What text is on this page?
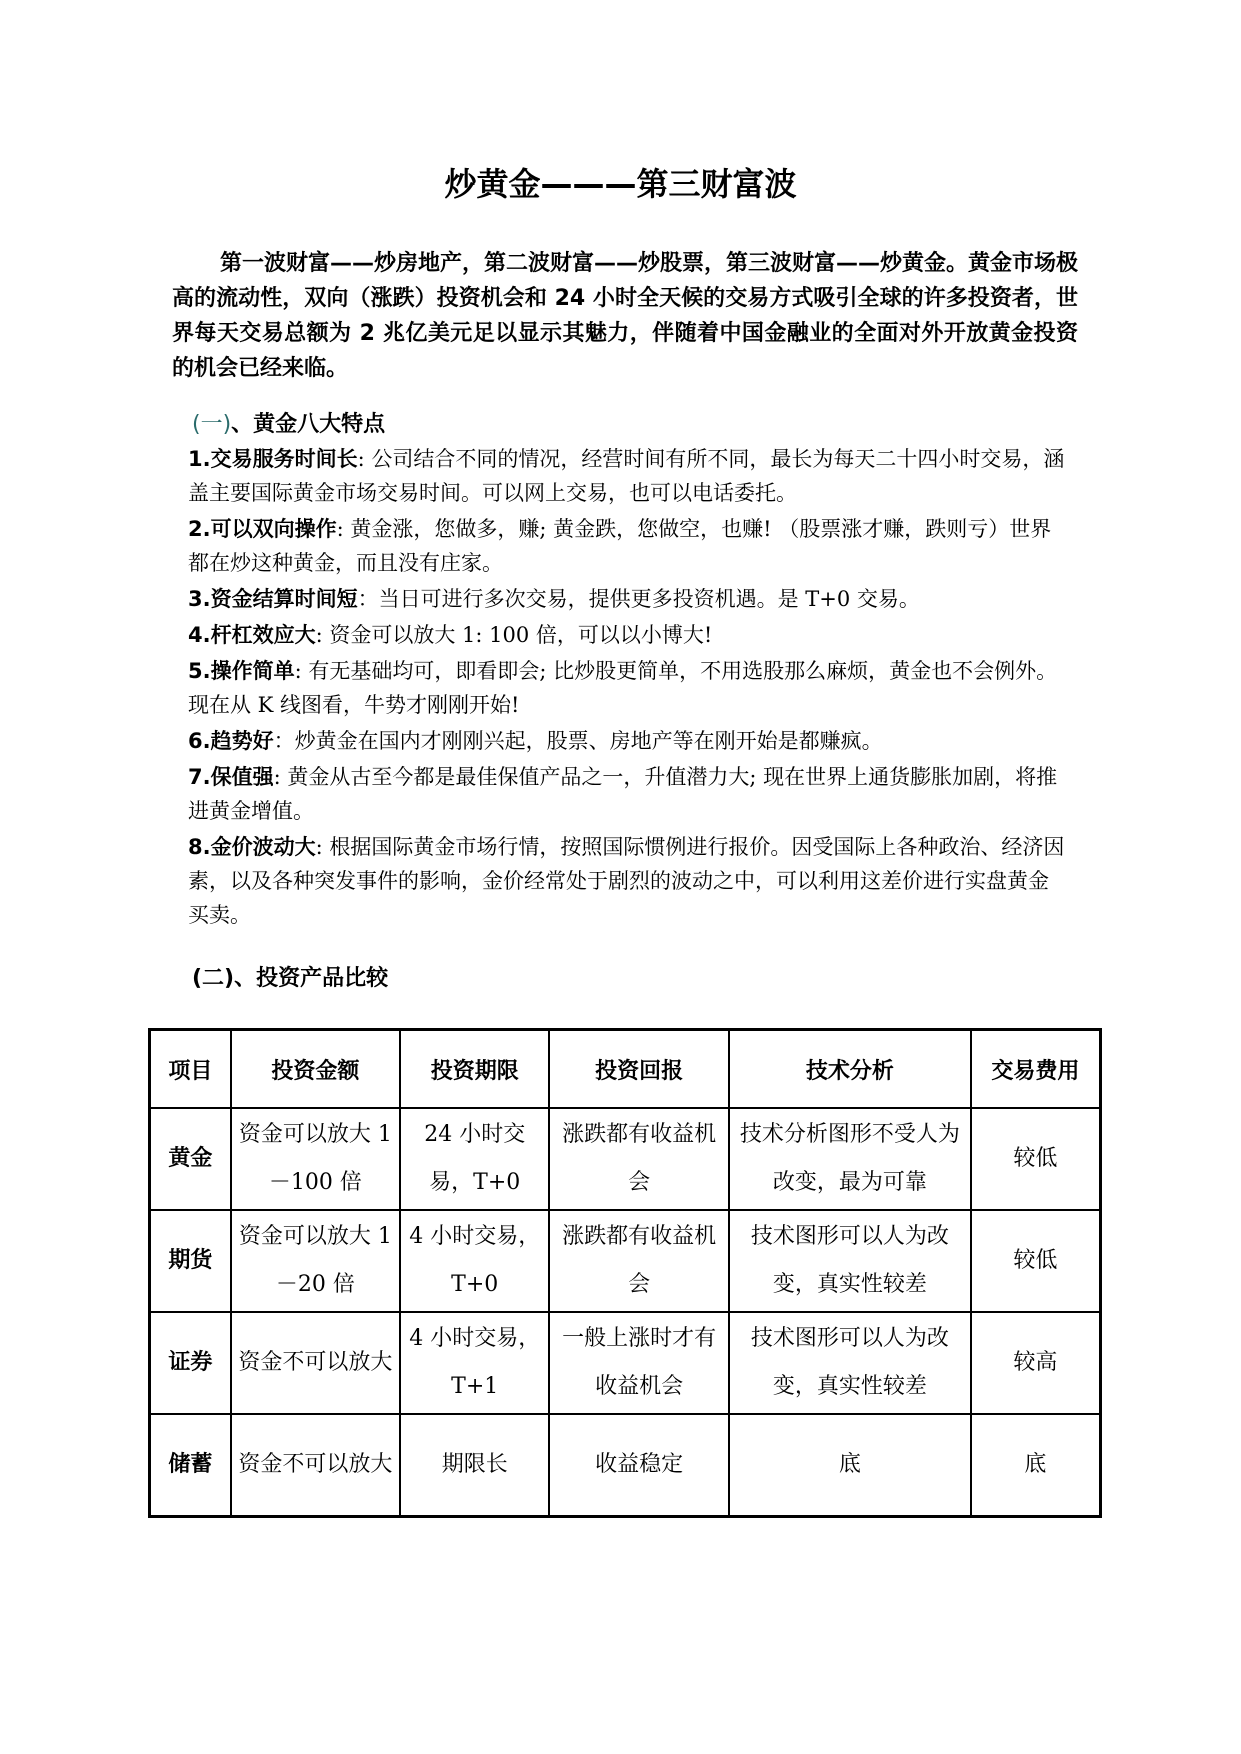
炒黄金———第三财富波

第一波财富——炒房地产，第二波财富——炒股票，第三波财富——炒黄金。黄金市场极高的流动性，双向（涨跌）投资机会和 24 小时全天候的交易方式吸引全球的许多投资者，世界每天交易总额为 2 兆亿美元足以显示其魅力，伴随着中国金融业的全面对外开放黄金投资的机会已经来临。

(一)、黄金八大特点
1.交易服务时间长: 公司结合不同的情况，经营时间有所不同，最长为每天二十四小时交易，涵盖主要国际黄金市场交易时间。可以网上交易，也可以电话委托。
2.可以双向操作: 黄金涨，您做多，赚; 黄金跌，您做空，也赚! （股票涨才赚，跌则亏）世界都在炒这种黄金，而且没有庄家。
3.资金结算时间短：当日可进行多次交易，提供更多投资机遇。是 T+0 交易。
4.杆杠效应大: 资金可以放大 1: 100 倍，可以以小博大!
5.操作简单: 有无基础均可，即看即会; 比炒股更简单，不用选股那么麻烦，黄金也不会例外。现在从 K 线图看，牛势才刚刚开始!
6.趋势好：炒黄金在国内才刚刚兴起，股票、房地产等在刚开始是都赚疯。
7.保值强: 黄金从古至今都是最佳保值产品之一，升值潜力大; 现在世界上通货膨胀加剧，将推进黄金增值。
8.金价波动大: 根据国际黄金市场行情，按照国际惯例进行报价。因受国际上各种政治、经济因素，以及各种突发事件的影响，金价经常处于剧烈的波动之中，可以利用这差价进行实盘黄金买卖。
(二)、投资产品比较
项目	投资金额	投资期限	投资回报	技术分析	交易费用
黄金	资金可以放大 1－100 倍	24 小时交易，T+0	涨跌都有收益机会	技术分析图形不受人为改变，最为可靠	较低
期货	资金可以放大 1－20 倍	4 小时交易，T+0	涨跌都有收益机会	技术图形可以人为改变，真实性较差	较低
证券	资金不可以放大	4 小时交易，T+1	一般上涨时才有收益机会	技术图形可以人为改变，真实性较差	较高
储蓄	资金不可以放大	期限长	收益稳定	底	底
